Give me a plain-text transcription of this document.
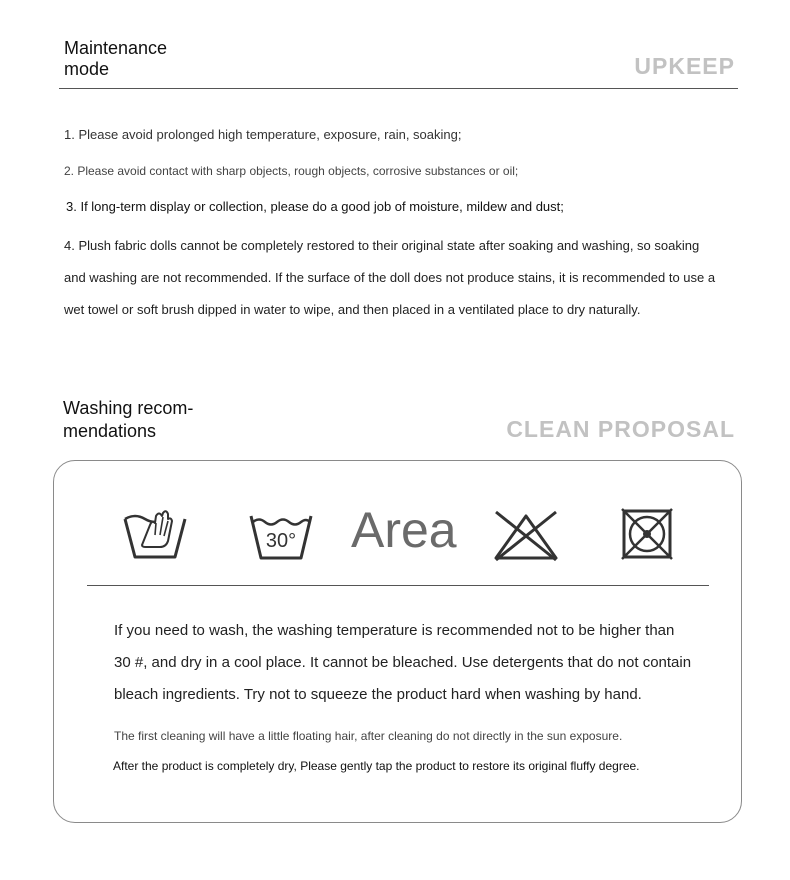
Maintenance
mode	UPKEEP
1. Please avoid prolonged high temperature, exposure, rain, soaking;
2. Please avoid contact with sharp objects, rough objects, corrosive substances or oil;
3. If long-term display or collection, please do a good job of moisture, mildew and dust;
4. Plush fabric dolls cannot be completely restored to their original state after soaking and washing, so soaking and washing are not recommended. If the surface of the doll does not produce stains, it is recommended to use a wet towel or soft brush dipped in water to wipe, and then placed in a ventilated place to dry naturally.
Washing recom-
mendations	CLEAN PROPOSAL
30° Area
If you need to wash, the washing temperature is recommended not to be higher than 30 #, and dry in a cool place. It cannot be bleached. Use detergents that do not contain bleach ingredients. Try not to squeeze the product hard when washing by hand.
The first cleaning will have a little floating hair, after cleaning do not directly in the sun exposure.
After the product is completely dry, Please gently tap the product to restore its original fluffy degree.
